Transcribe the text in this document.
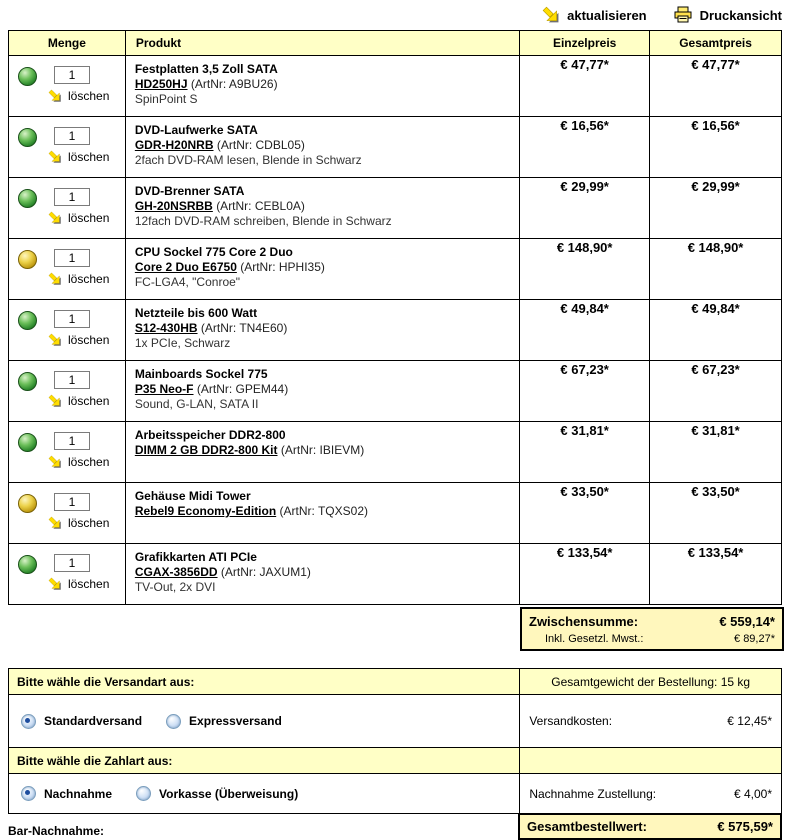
aktualisieren	Druckansicht
Menge	Produkt	Einzelpreis	Gesamtpreis

1
löschen	Festplatten 3,5 Zoll SATA
HD250HJ (ArtNr: A9BU26)
SpinPoint S	€ 47,77*	€ 47,77*

1
löschen	DVD-Laufwerke SATA
GDR-H20NRB (ArtNr: CDBL05)
2fach DVD-RAM lesen, Blende in Schwarz	€ 16,56*	€ 16,56*

1
löschen	DVD-Brenner SATA
GH-20NSRBB (ArtNr: CEBL0A)
12fach DVD-RAM schreiben, Blende in Schwarz	€ 29,99*	€ 29,99*

1
löschen	CPU Sockel 775 Core 2 Duo
Core 2 Duo E6750 (ArtNr: HPHI35)
FC-LGA4, "Conroe"	€ 148,90*	€ 148,90*

1
löschen	Netzteile bis 600 Watt
S12-430HB (ArtNr: TN4E60)
1x PCIe, Schwarz	€ 49,84*	€ 49,84*

1
löschen	Mainboards Sockel 775
P35 Neo-F (ArtNr: GPEM44)
Sound, G-LAN, SATA II	€ 67,23*	€ 67,23*

1
löschen	Arbeitsspeicher DDR2-800
DIMM 2 GB DDR2-800 Kit (ArtNr: IBIEVM)	€ 31,81*	€ 31,81*

1
löschen	Gehäuse Midi Tower
Rebel9 Economy-Edition (ArtNr: TQXS02)	€ 33,50*	€ 33,50*

1
löschen	Grafikkarten ATI PCIe
CGAX-3856DD (ArtNr: JAXUM1)
TV-Out, 2x DVI	€ 133,54*	€ 133,54*
Zwischensumme:	€ 559,14*
Inkl. Gesetzl. Mwst.:	€ 89,27*
Bitte wähle die Versandart aus:	Gesamtgewicht der Bestellung: 15 kg

Standardversand Expressversand	Versandkosten: € 12,45*

Bitte wähle die Zahlart aus:	

Nachnahme Vorkasse (Überweisung)	Nachnahme Zustellung: € 4,00*
Bar-Nachnahme:	Gesamtbestellwert:	€ 575,59*
